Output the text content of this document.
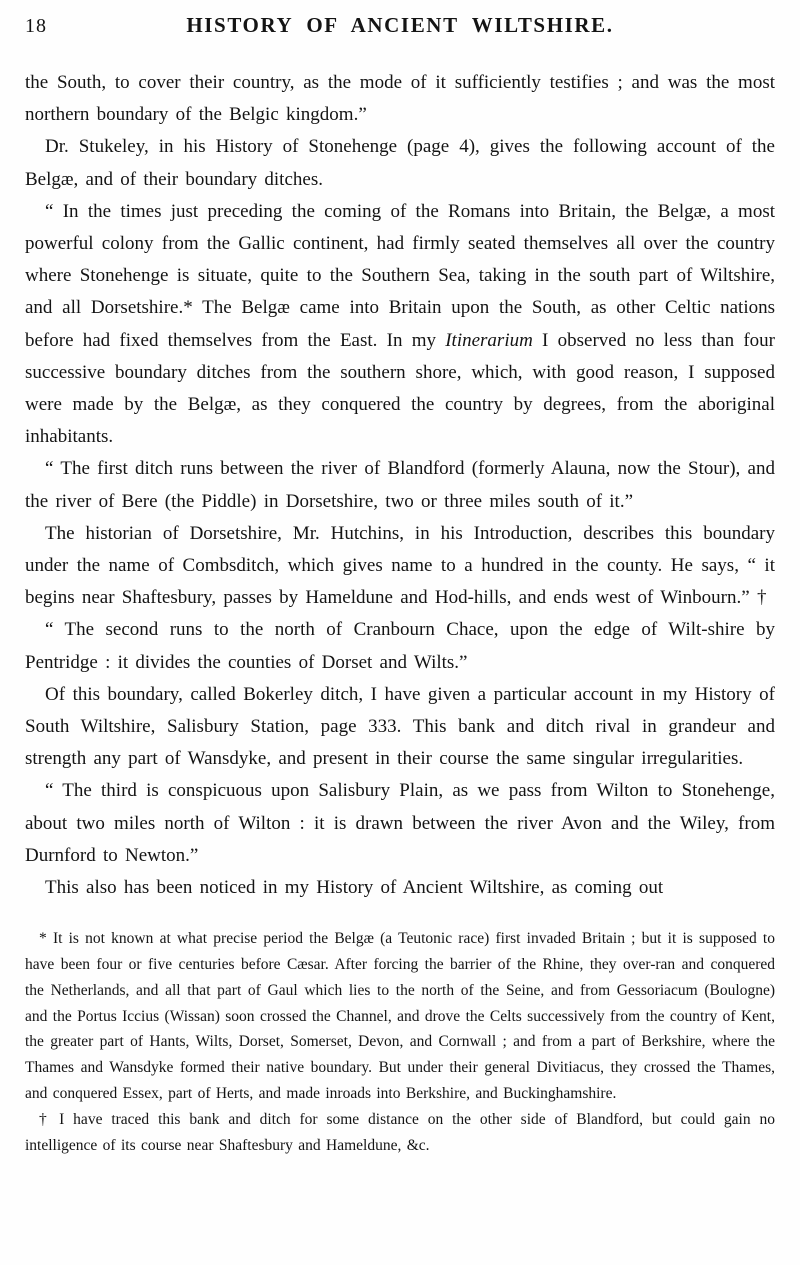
18	HISTORY OF ANCIENT WILTSHIRE.

the South, to cover their country, as the mode of it sufficiently testifies ; and was the most northern boundary of the Belgic kingdom.”

Dr. Stukeley, in his History of Stonehenge (page 4), gives the following account of the Belgæ, and of their boundary ditches.

“ In the times just preceding the coming of the Romans into Britain, the Belgæ, a most powerful colony from the Gallic continent, had firmly seated themselves all over the country where Stonehenge is situate, quite to the Southern Sea, taking in the south part of Wiltshire, and all Dorsetshire.* The Belgæ came into Britain upon the South, as other Celtic nations before had fixed themselves from the East. In my Itinerarium I observed no less than four successive boundary ditches from the southern shore, which, with good reason, I supposed were made by the Belgæ, as they conquered the country by degrees, from the aboriginal inhabitants.

“ The first ditch runs between the river of Blandford (formerly Alauna, now the Stour), and the river of Bere (the Piddle) in Dorsetshire, two or three miles south of it.”

The historian of Dorsetshire, Mr. Hutchins, in his Introduction, describes this boundary under the name of Combsditch, which gives name to a hundred in the county. He says, “ it begins near Shaftesbury, passes by Hameldune and Hod-hills, and ends west of Winbourn.” †

“ The second runs to the north of Cranbourn Chace, upon the edge of Wilt-shire by Pentridge : it divides the counties of Dorset and Wilts.”

Of this boundary, called Bokerley ditch, I have given a particular account in my History of South Wiltshire, Salisbury Station, page 333. This bank and ditch rival in grandeur and strength any part of Wansdyke, and present in their course the same singular irregularities.

“ The third is conspicuous upon Salisbury Plain, as we pass from Wilton to Stonehenge, about two miles north of Wilton : it is drawn between the river Avon and the Wiley, from Durnford to Newton.”

This also has been noticed in my History of Ancient Wiltshire, as coming out

* It is not known at what precise period the Belgæ (a Teutonic race) first invaded Britain ; but it is supposed to have been four or five centuries before Cæsar. After forcing the barrier of the Rhine, they over-ran and conquered the Netherlands, and all that part of Gaul which lies to the north of the Seine, and from Gessoriacum (Boulogne) and the Portus Iccius (Wissan) soon crossed the Channel, and drove the Celts successively from the country of Kent, the greater part of Hants, Wilts, Dorset, Somerset, Devon, and Cornwall ; and from a part of Berkshire, where the Thames and Wansdyke formed their native boundary. But under their general Divitiacus, they crossed the Thames, and conquered Essex, part of Herts, and made inroads into Berkshire, and Buckinghamshire.

† I have traced this bank and ditch for some distance on the other side of Blandford, but could gain no intelligence of its course near Shaftesbury and Hameldune, &c.
